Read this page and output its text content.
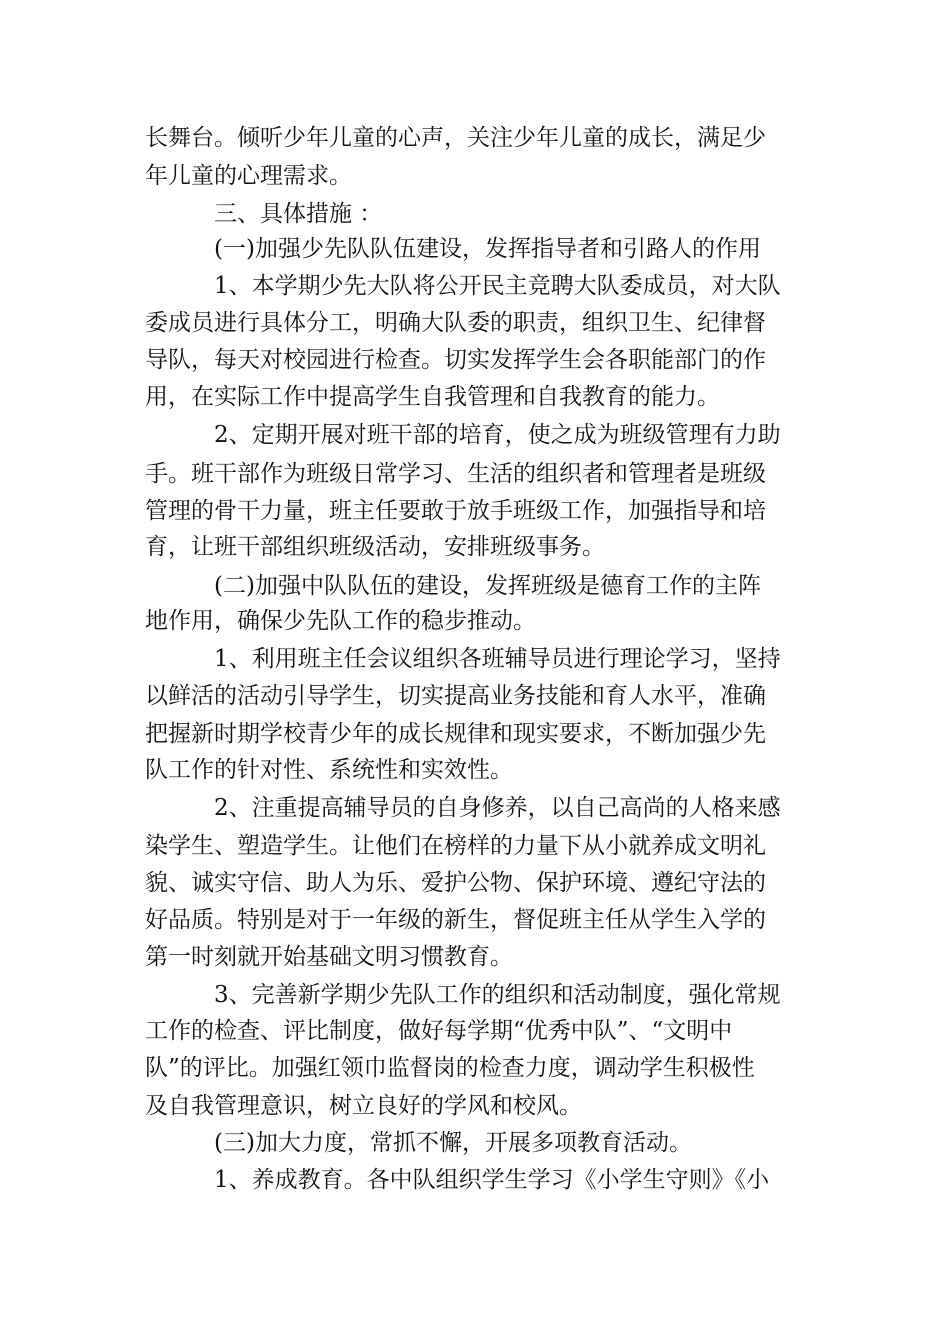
长舞台。倾听少年儿童的心声，关注少年儿童的成长，满足少

年儿童的心理需求。

三、具体措施 ：

(一)加强少先队队伍建设，发挥指导者和引路人的作用

1、本学期少先大队将公开民主竞聘大队委成员，对大队

委成员进行具体分工，明确大队委的职责，组织卫生、纪律督

导队，每天对校园进行检查。切实发挥学生会各职能部门的作

用，在实际工作中提高学生自我管理和自我教育的能力。

2、定期开展对班干部的培育，使之成为班级管理有力助

手。班干部作为班级日常学习、生活的组织者和管理者是班级

管理的骨干力量，班主任要敢于放手班级工作，加强指导和培

育，让班干部组织班级活动，安排班级事务。

(二)加强中队队伍的建设，发挥班级是德育工作的主阵

地作用，确保少先队工作的稳步推动。

1、利用班主任会议组织各班辅导员进行理论学习，坚持

以鲜活的活动引导学生，切实提高业务技能和育人水平，准确

把握新时期学校青少年的成长规律和现实要求，不断加强少先

队工作的针对性、系统性和实效性。

2、注重提高辅导员的自身修养，以自己高尚的人格来感

染学生、塑造学生。让他们在榜样的力量下从小就养成文明礼

貌、诚实守信、助人为乐、爱护公物、保护环境、遵纪守法的

好品质。特别是对于一年级的新生，督促班主任从学生入学的

第一时刻就开始基础文明习惯教育。

3、完善新学期少先队工作的组织和活动制度，强化常规

工作的检查、评比制度，做好每学期“优秀中队”、“文明中

队”的评比。加强红领巾监督岗的检查力度，调动学生积极性

及自我管理意识，树立良好的学风和校风。

(三)加大力度，常抓不懈，开展多项教育活动。

1、养成教育。各中队组织学生学习《小学生守则》《小
